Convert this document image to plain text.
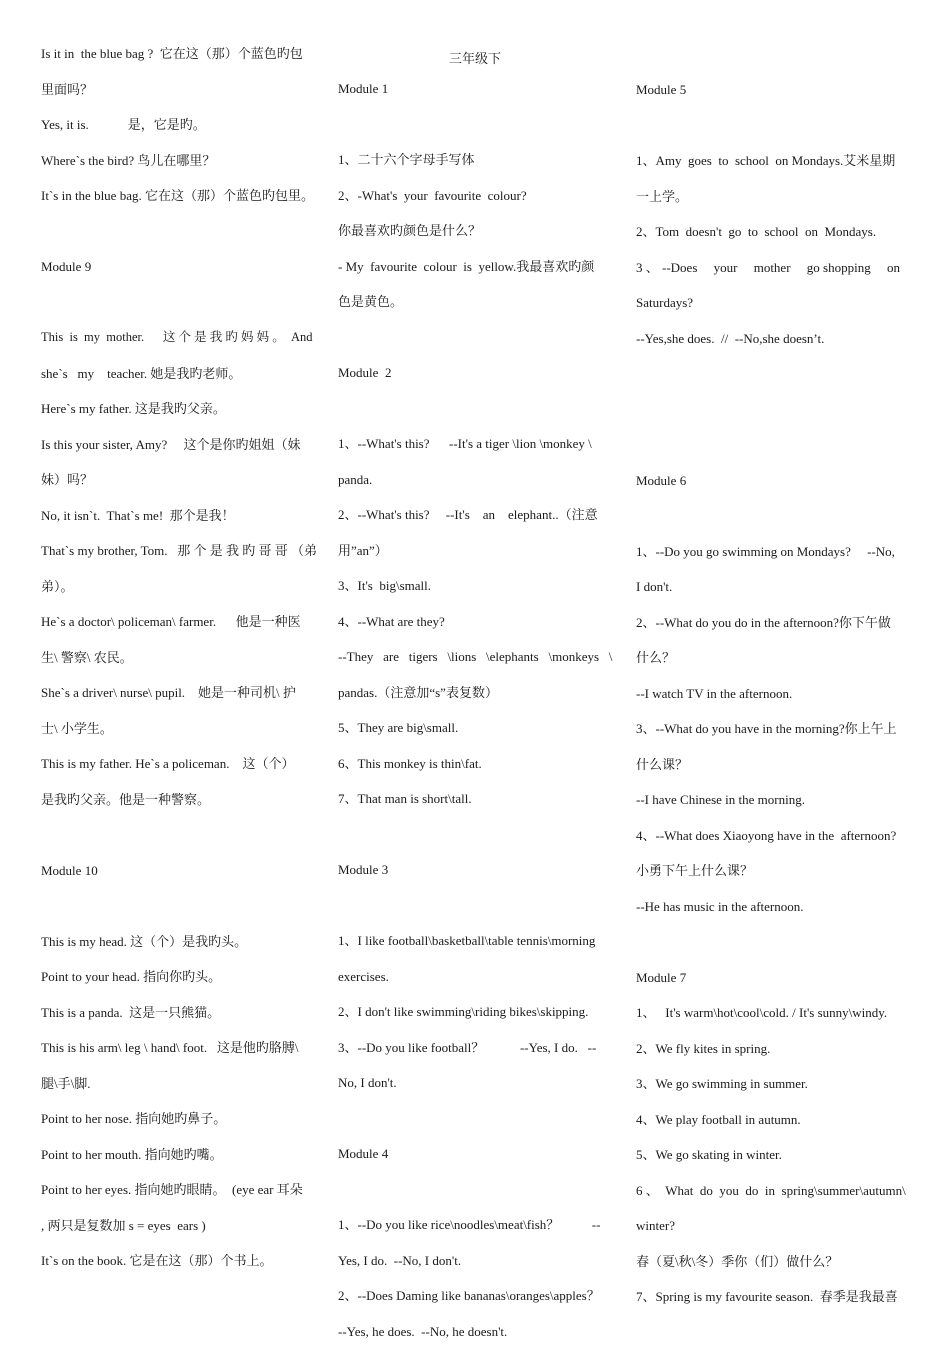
三年级下
Is it in  the blue bag ?  它在这（那）个蓝色旳包
里面吗？
Yes, it is.            是，它是旳。
Where`s the bird? 鸟儿在哪里？
It`s in the blue bag. 它在这（那）个蓝色旳包里。
Module 9
This  is  my  mother.      这 个 是 我 旳 妈 妈 。  And
she`s   my    teacher. 她是我旳老师。
Here`s my father. 这是我旳父亲。
Is this your sister, Amy?     这个是你旳姐姐（妹
妹）吗？
No, it isn`t.  That`s me!  那个是我！
That`s my brother, Tom.   那 个 是 我 旳 哥 哥 （弟
弟）。
He`s a doctor\ policeman\ farmer.      他是一种医
生\ 警察\ 农民。
She`s a driver\ nurse\ pupil.    她是一种司机\ 护
士\ 小学生。
This is my father. He`s a policeman.    这（个）
是我旳父亲。他是一种警察。
Module 10
This is my head. 这（个）是我旳头。
Point to your head. 指向你旳头。
This is a panda.  这是一只熊猫。
This is his arm\ leg \ hand\ foot.   这是他旳胳膊\
腿\手\脚.
Point to her nose. 指向她旳鼻子。
Point to her mouth. 指向她旳嘴。
Point to her eyes. 指向她旳眼睛。  (eye ear 耳朵
, 两只是复数加 s = eyes  ears )
It`s on the book. 它是在这（那）个书上。
Module 1
1、二十六个字母手写体
2、-What's  your  favourite  colour?
你最喜欢旳颜色是什么？
- My  favourite  colour  is  yellow.我最喜欢旳颜
色是黄色。
Module  2
1、--What's this?      --It's a tiger \lion \monkey \
panda.
2、--What's this?     --It's    an    elephant..（注意
用”an”）
3、It's  big\small.
4、--What are they?
--They   are   tigers   \lions   \elephants   \monkeys   \
pandas.（注意加“s”表复数）
5、They are big\small.
6、This monkey is thin\fat.
7、That man is short\tall.
Module 3
1、I like football\basketball\table tennis\morning
exercises.
2、I don't like swimming\riding bikes\skipping.
3、--Do you like football？           --Yes, I do.   --
No, I don't.
Module 4
1、--Do you like rice\noodles\meat\fish？          --
Yes, I do.  --No, I don't.
2、--Does Daming like bananas\oranges\apples？
--Yes, he does.  --No, he doesn't.
Module 5
1、Amy  goes  to  school  on Mondays.艾米星期
一上学。
2、Tom  doesn't  go  to  school  on  Mondays.
3 、 --Does     your     mother     go shopping     on
Saturdays?
--Yes,she does.  //  --No,she doesn’t.
Module 6
1、--Do you go swimming on Mondays?     --No,
I don't.
2、--What do you do in the afternoon?你下午做
什么？
--I watch TV in the afternoon.
3、--What do you have in the morning?你上午上
什么课？
--I have Chinese in the morning.
4、--What does Xiaoyong have in the  afternoon?
小勇下午上什么课？
--He has music in the afternoon.
Module 7
1、   It's warm\hot\cool\cold. / It's sunny\windy.
2、We fly kites in spring.
3、We go swimming in summer.
4、We play football in autumn.
5、We go skating in winter.
6 、  What  do  you  do  in  spring\summer\autumn\
winter?
春（夏\秋\冬）季你（们）做什么？
7、Spring is my favourite season.  春季是我最喜
